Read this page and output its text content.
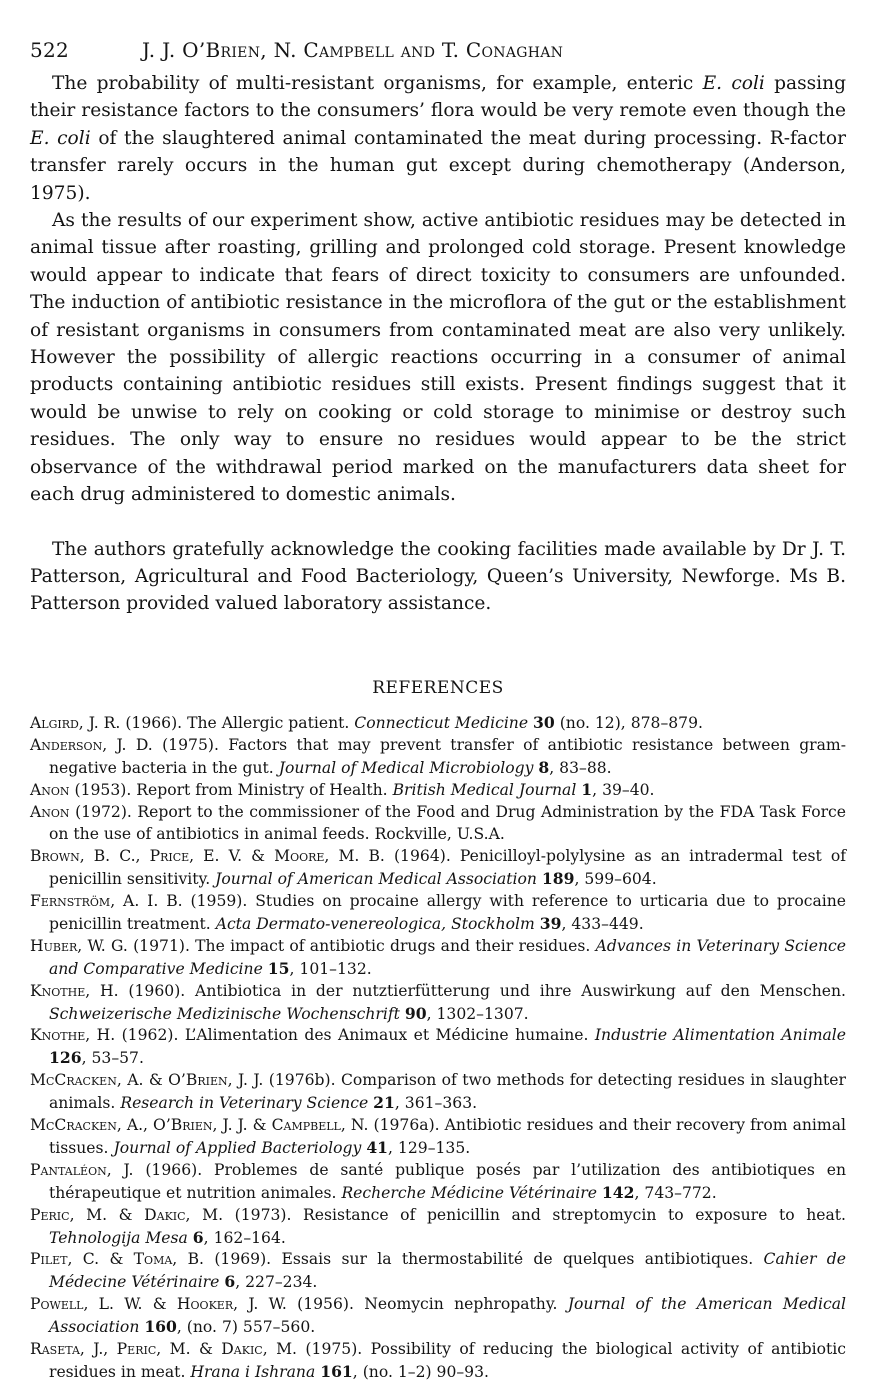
522	J. J. O’Brien, N. Campbell and T. Conaghan

The probability of multi-resistant organisms, for example, enteric E. coli passing their resistance factors to the consumers’ flora would be very remote even though the E. coli of the slaughtered animal contaminated the meat during processing. R-factor transfer rarely occurs in the human gut except during chemotherapy (Anderson, 1975).

As the results of our experiment show, active antibiotic residues may be detected in animal tissue after roasting, grilling and prolonged cold storage. Present knowledge would appear to indicate that fears of direct toxicity to consumers are unfounded. The induction of antibiotic resistance in the microflora of the gut or the establishment of resistant organisms in consumers from contaminated meat are also very unlikely. However the possibility of allergic reactions occurring in a consumer of animal products containing antibiotic residues still exists. Present findings suggest that it would be unwise to rely on cooking or cold storage to minimise or destroy such residues. The only way to ensure no residues would appear to be the strict observance of the withdrawal period marked on the manufacturers data sheet for each drug administered to domestic animals.

The authors gratefully acknowledge the cooking facilities made available by Dr J. T. Patterson, Agricultural and Food Bacteriology, Queen’s University, Newforge. Ms B. Patterson provided valued laboratory assistance.

REFERENCES

Algird, J. R. (1966). The Allergic patient. Connecticut Medicine 30 (no. 12), 878–879.

Anderson, J. D. (1975). Factors that may prevent transfer of antibiotic resistance between gram-negative bacteria in the gut. Journal of Medical Microbiology 8, 83–88.

Anon (1953). Report from Ministry of Health. British Medical Journal 1, 39–40.

Anon (1972). Report to the commissioner of the Food and Drug Administration by the FDA Task Force on the use of antibiotics in animal feeds. Rockville, U.S.A.

Brown, B. C., Price, E. V. & Moore, M. B. (1964). Penicilloyl-polylysine as an intradermal test of penicillin sensitivity. Journal of American Medical Association 189, 599–604.

Fernström, A. I. B. (1959). Studies on procaine allergy with reference to urticaria due to procaine penicillin treatment. Acta Dermato-venereologica, Stockholm 39, 433–449.

Huber, W. G. (1971). The impact of antibiotic drugs and their residues. Advances in Veterinary Science and Comparative Medicine 15, 101–132.

Knothe, H. (1960). Antibiotica in der nutztierfütterung und ihre Auswirkung auf den Menschen. Schweizerische Medizinische Wochenschrift 90, 1302–1307.

Knothe, H. (1962). L’Alimentation des Animaux et Médicine humaine. Industrie Alimentation Animale 126, 53–57.

McCracken, A. & O’Brien, J. J. (1976b). Comparison of two methods for detecting residues in slaughter animals. Research in Veterinary Science 21, 361–363.

McCracken, A., O’Brien, J. J. & Campbell, N. (1976a). Antibiotic residues and their recovery from animal tissues. Journal of Applied Bacteriology 41, 129–135.

Pantaléon, J. (1966). Problemes de santé publique posés par l’utilization des antibiotiques en thérapeutique et nutrition animales. Recherche Médicine Vétérinaire 142, 743–772.

Peric, M. & Dakic, M. (1973). Resistance of penicillin and streptomycin to exposure to heat. Tehnologija Mesa 6, 162–164.

Pilet, C. & Toma, B. (1969). Essais sur la thermostabilité de quelques antibiotiques. Cahier de Médecine Vétérinaire 6, 227–234.

Powell, L. W. & Hooker, J. W. (1956). Neomycin nephropathy. Journal of the American Medical Association 160, (no. 7) 557–560.

Raseta, J., Peric, M. & Dakic, M. (1975). Possibility of reducing the biological activity of antibiotic residues in meat. Hrana i Ishrana 161, (no. 1–2) 90–93.
